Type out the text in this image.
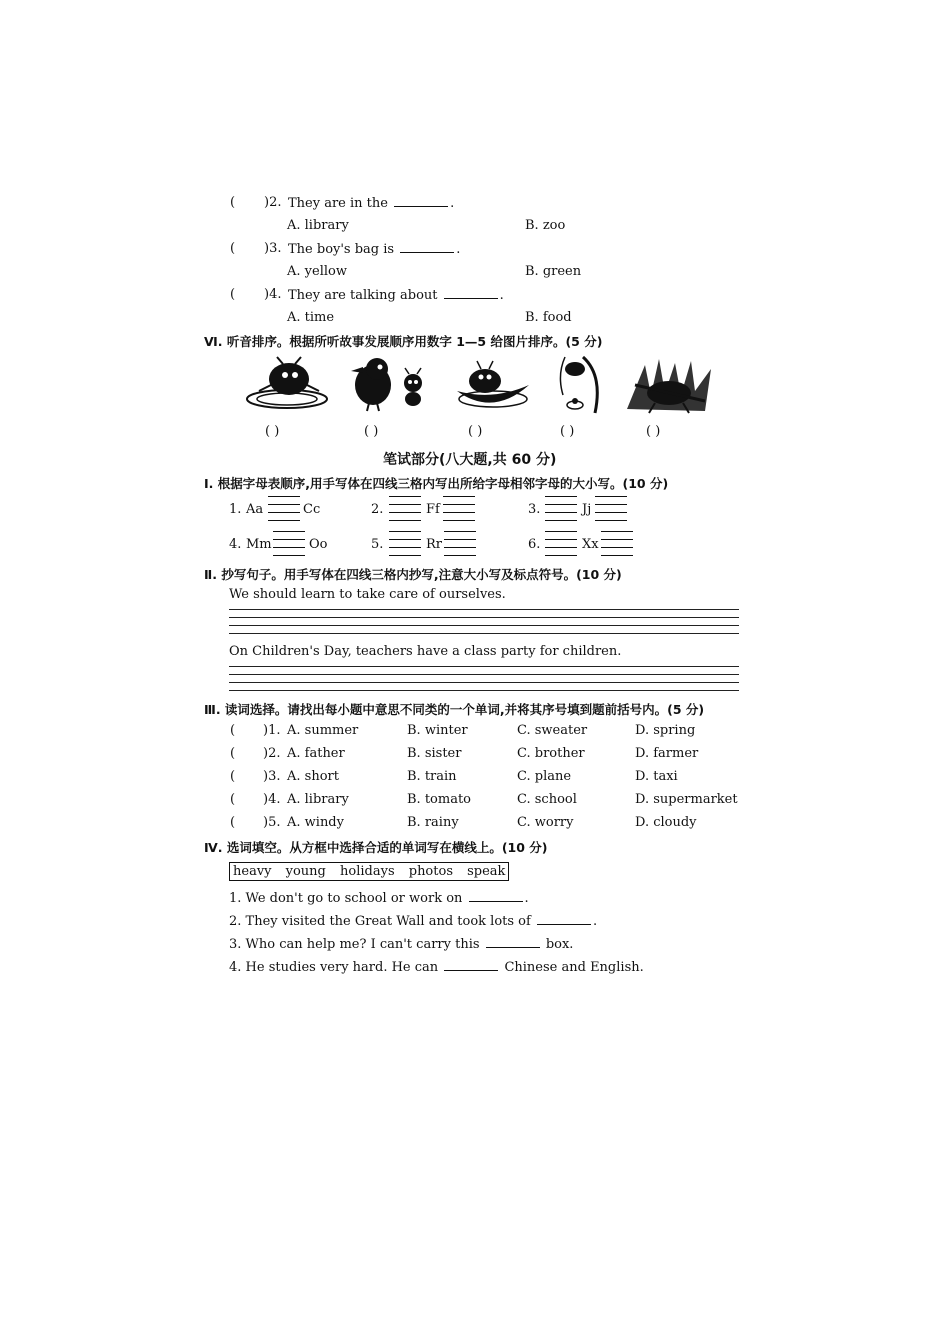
( )2. They are in the	.
A. library	B. zoo
( )3. The boy's bag is	.
A. yellow	B. green
( )4. They are talking about	.
A. time	B. food
Ⅵ. 听音排序。根据所听故事发展顺序用数字 1—5 给图片排序。(5 分)
( )	( )	( )	( )	( )
笔试部分(八大题,共 60 分)
Ⅰ. 根据字母表顺序,用手写体在四线三格内写出所给字母相邻字母的大小写。(10 分)
1. Aa	Cc	2.	Ff	3.	Jj
4. Mm	Oo	5.	Rr	6.	Xx
Ⅱ. 抄写句子。用手写体在四线三格内抄写,注意大小写及标点符号。(10 分)
We should learn to take care of ourselves.
On Children's Day, teachers have a class party for children.
Ⅲ. 读词选择。请找出每小题中意思不同类的一个单词,并将其序号填到题前括号内。(5 分)
( )1. A. summer	B. winter	C. sweater	D. spring
( )2. A. father	B. sister	C. brother	D. farmer
( )3. A. short	B. train	C. plane	D. taxi
( )4. A. library	B. tomato	C. school	D. supermarket
( )5. A. windy	B. rainy	C. worry	D. cloudy
Ⅳ. 选词填空。从方框中选择合适的单词写在横线上。(10 分)
heavy young holidays photos speak
1. We don't go to school or work on	.
2. They visited the Great Wall and took lots of	.
3. Who can help me? I can't carry this	box.
4. He studies very hard. He can	Chinese and English.
